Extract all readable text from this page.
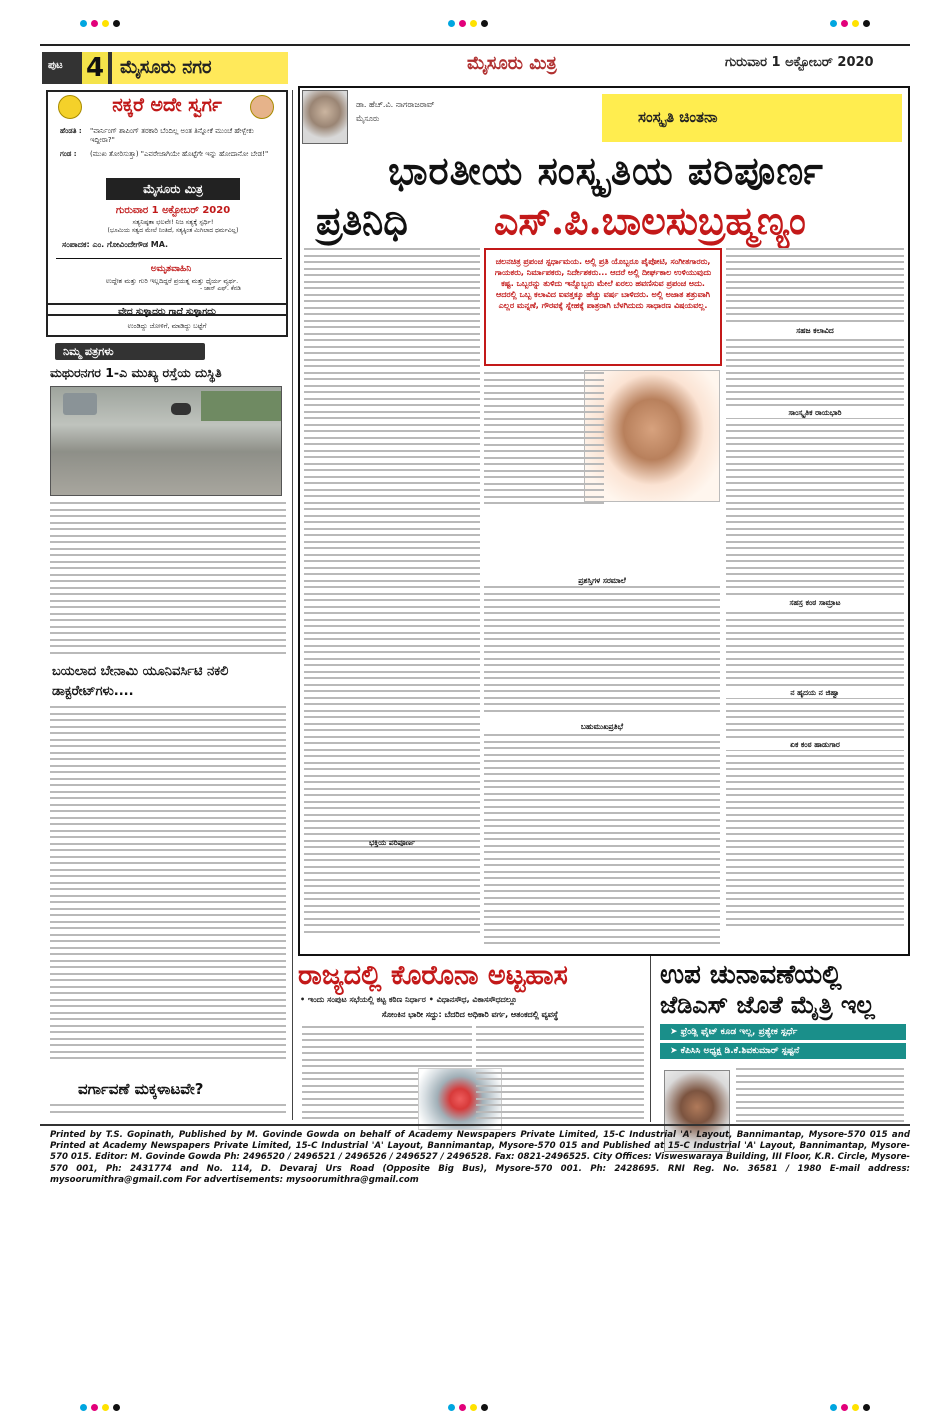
ಪುಟ 4 ಮೈಸೂರು ನಗರ	ಮೈಸೂರು ಮಿತ್ರ	ಗುರುವಾರ 1 ಅಕ್ಟೋಬರ್ 2020
ನಕ್ಕರೆ ಅದೇ ಸ್ವರ್ಗ
ಹೆಂಡತಿ : "ವಾರ್ನಿಂಗ್ ಶಾಪಿಂಗ್ ತರಕಾರಿ ಬೆಂದಿಲ್ಲ ಅಂತ ತಿನ್ನೋಕೆ ಮುಂಚೆ ಹೇಳ್ಬೇಕು ಇದ್ದೀರಾ?"
ಗಂಡ : (ಮುಖ ತೋರಿಸುತ್ತಾ) "ಎವರೇಜಾಗಿಯೇ ಹೊಟ್ಟೆಗೇ ಇನ್ನು ಹೋದಾನೋ ಬೇಡ!"
ಮೈಸೂರು ಮಿತ್ರ
ಗುರುವಾರ 1 ಅಕ್ಟೋಬರ್ 2020
ಸತ್ಯನಿಷ್ಠತಾ ಛಲವೇ! ನಿಜ ಸತ್ಯಕ್ಕೆ ಸ್ಪರ್ಧಿ!
(ಭೂಮಿಯ ಸತ್ವದ ಮೇಲೆ ನಿಂತಿದೆ, ಸತ್ಯಕ್ಕಿಂತ ಮಿಗಿಲಾದ ಧರ್ಮವಿಲ್ಲ)
ಸಂಪಾದಕ: ಎಂ. ಗೋವಿಂದೇಗೌಡ MA.
ಅಮೃತವಾಹಿನಿ
ಉದ್ದೇಶ ಮತ್ತು ಗುರಿ ಇಲ್ಲದಿದ್ದರೆ ಪ್ರಯತ್ನ ಮತ್ತು ಧೈರ್ಯ ವ್ಯರ್ಥ.
- ಜಾನ್ ಎಫ್. ಕೆನಡಿ
ವೇದ ಸುಳ್ಳಾದರು ಗಾದೆ ಸುಳ್ಳಾಗದು
ಉಂಡಿದ್ದು ಜೋಳಿಗೆ, ಮಾಡಿದ್ದು ಬಟ್ಟೆಗೆ
ನಿಮ್ಮ ಪತ್ರಗಳು
ಮಥುರನಗರ 1-ಎ ಮುಖ್ಯ ರಸ್ತೆಯ ದುಸ್ಥಿತಿ
ಬಯಲಾದ ಬೇನಾಮಿ ಯೂನಿವರ್ಸಿಟಿ ನಕಲಿ ಡಾಕ್ಟರೇಟ್‌ಗಳು....
ವರ್ಗಾವಣೆ ಮಕ್ಕಳಾಟವೇ?
ಡಾ. ಹೆಚ್.ವಿ. ನಾಗರಾಜರಾವ್
ಮೈಸೂರು	ಸಂಸ್ಕೃತಿ ಚಿಂತನಾ
ಭಾರತೀಯ ಸಂಸ್ಕೃತಿಯ ಪರಿಪೂರ್ಣ
ಪ್ರತಿನಿಧಿ ಎಸ್.ಪಿ.ಬಾಲಸುಬ್ರಹ್ಮಣ್ಯಂ
ಭಕ್ತಿಯ ಪರಿಪೂರ್ಣ
ಚಲನಚಿತ್ರ ಪ್ರಪಂಚ ಸ್ಪರ್ಧಾಮಯ. ಅಲ್ಲಿ ಪ್ರತಿ ಯೊಬ್ಬರೂ ಪೈಪೋಟಿ, ಸಂಗೀತಗಾರರು, ಗಾಯಕರು, ನಿರ್ಮಾಪಕರು, ನಿರ್ದೇಶಕರು... ಆದರೆ ಅಲ್ಲಿ ದೀರ್ಘಕಾಲ ಉಳಿಯುವುದು ಕಷ್ಟ. ಒಬ್ಬರನ್ನು ತುಳಿದು ಇನ್ನೊಬ್ಬರು ಮೇಲೆ ಏರಲು ಹವಣಿಸುವ ಪ್ರಪಂಚ ಅದು. ಆದರಲ್ಲಿ ಒಬ್ಬ ಕಲಾವಿದ ಐವತ್ತಕ್ಕೂ ಹೆಚ್ಚು ವರ್ಷ ಬಾಳಿದರು. ಅಲ್ಲಿ ಅಜಾತ ಶತ್ರುವಾಗಿ ಎಲ್ಲರ ಮನ್ನಣೆ, ಗೌರವಕ್ಕೆ ಸ್ನೇಹಕ್ಕೆ ಪಾತ್ರರಾಗಿ ಬೆಳಗಿದುದು ಸಾಧಾರಣ ವಿಷಯವಲ್ಲ.
ಪ್ರಶಸ್ತಿಗಳ ಸರಮಾಲೆ
ಬಹುಮುಖಪ್ರತಿಭೆ
ಸಹಜ ಕಲಾವಿದ
ಸಾಂಸ್ಕೃತಿಕ ರಾಯಭಾರಿ
ಸಹಸ್ರ ಕಂಠ ಸಾಮ್ರಾಟ
ನ ಹೃದಯ ನ ಜಿಹ್ವಾ
ಏಕ ಕಂಠ ಹಾಡುಗಾರ
ರಾಜ್ಯದಲ್ಲಿ ಕೊರೊನಾ ಅಟ್ಟಹಾಸ
• ಇಂದು ಸಂಪುಟ ಸಭೆಯಲ್ಲಿ ಕಟ್ಟ ಕಠಿಣ ನಿರ್ಧಾರ • ವಿಧಾನಸೌಧ, ವಿಕಾಸಸೌಧದಲ್ಲೂ
ಸೋಂಕಿನ ಭಾರೀ ಸದ್ದು: ಬೆದರಿದ ಅಧಿಕಾರಿ ವರ್ಗ, ಆತಂಕದಲ್ಲಿ ವ್ಯವಸ್ಥೆ
ಉಪ ಚುನಾವಣೆಯಲ್ಲಿ
ಜೆಡಿಎಸ್ ಜೊತೆ ಮೈತ್ರಿ ಇಲ್ಲ
➤ ಫ್ರೆಂಡ್ಲಿ ಫೈಟ್ ಕೂಡ ಇಲ್ಲ, ಪ್ರತ್ಯೇಕ ಸ್ಪರ್ಧೆ
➤ ಕೆಪಿಸಿಸಿ ಅಧ್ಯಕ್ಷ ಡಿ.ಕೆ.ಶಿವಕುಮಾರ್ ಸ್ಪಷ್ಟನೆ
Printed by T.S. Gopinath, Published by M. Govinde Gowda on behalf of Academy Newspapers Private Limited, 15-C Industrial 'A' Layout, Bannimantap, Mysore-570 015 and Printed at Academy Newspapers Private Limited, 15-C Industrial 'A' Layout, Bannimantap, Mysore-570 015 and Published at 15-C Industrial 'A' Layout, Bannimantap, Mysore-570 015. Editor: M. Govinde Gowda Ph: 2496520 / 2496521 / 2496526 / 2496527 / 2496528. Fax: 0821-2496525. City Offices: Visweswaraya Building, III Floor, K.R. Circle, Mysore-570 001, Ph: 2431774 and No. 114, D. Devaraj Urs Road (Opposite Big Bus), Mysore-570 001. Ph: 2428695. RNI Reg. No. 36581 / 1980 E-mail address: mysoorumithra@gmail.com For advertisements: mysoorumithra@gmail.com
